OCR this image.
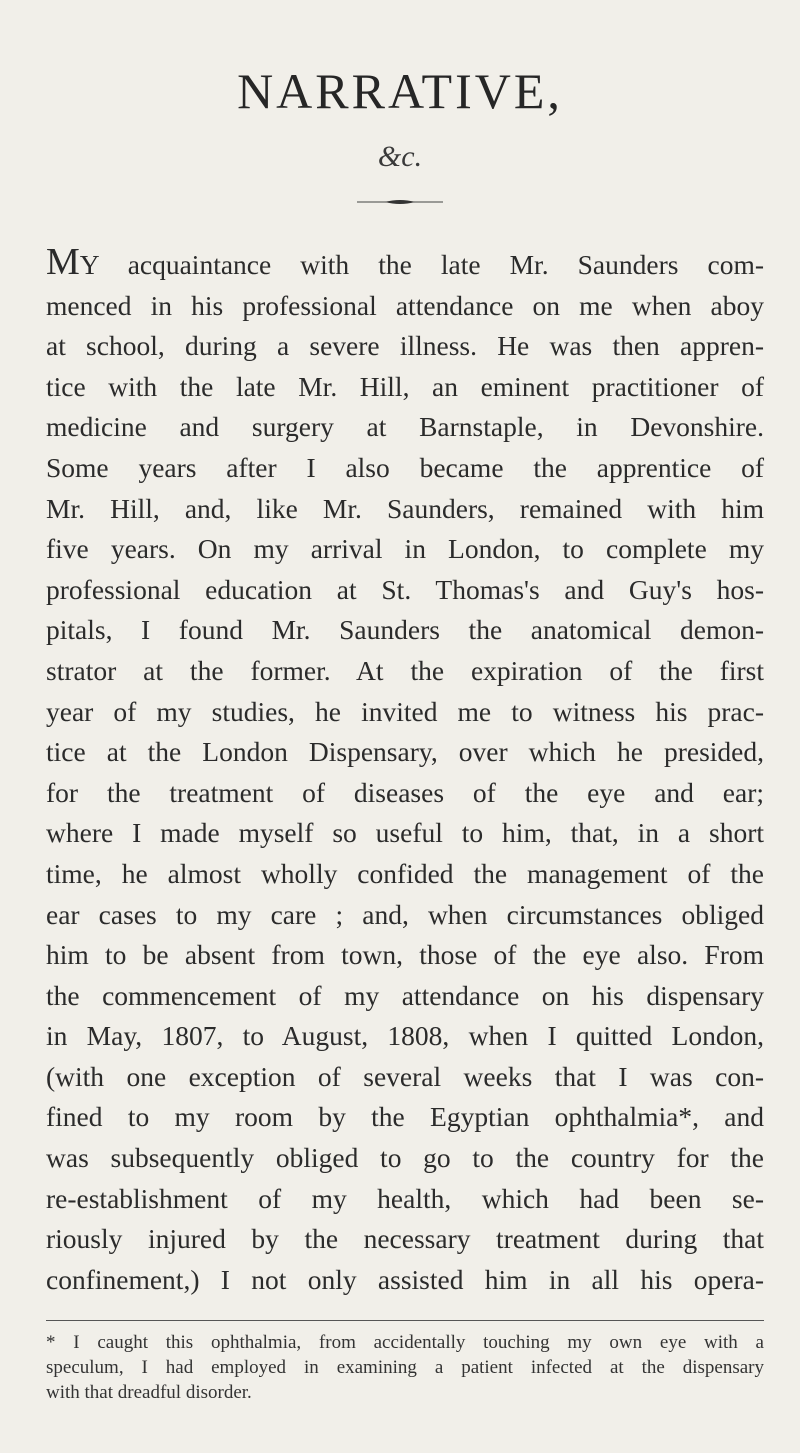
NARRATIVE,
&c.
MY acquaintance with the late Mr. Saunders com-
menced in his professional attendance on me when aboy
at school, during a severe illness. He was then appren-
tice with the late Mr. Hill, an eminent practitioner of
medicine and surgery at Barnstaple, in Devonshire.
Some years after I also became the apprentice of
Mr. Hill, and, like Mr. Saunders, remained with him
five years. On my arrival in London, to complete my
professional education at St. Thomas's and Guy's hos-
pitals, I found Mr. Saunders the anatomical demon-
strator at the former. At the expiration of the first
year of my studies, he invited me to witness his prac-
tice at the London Dispensary, over which he presided,
for the treatment of diseases of the eye and ear;
where I made myself so useful to him, that, in a short
time, he almost wholly confided the management of the
ear cases to my care ; and, when circumstances obliged
him to be absent from town, those of the eye also. From
the commencement of my attendance on his dispensary
in May, 1807, to August, 1808, when I quitted London,
(with one exception of several weeks that I was con-
fined to my room by the Egyptian ophthalmia*, and
was subsequently obliged to go to the country for the
re-establishment of my health, which had been se-
riously injured by the necessary treatment during that
confinement,) I not only assisted him in all his opera-
* I caught this ophthalmia, from accidentally touching my own eye with a
speculum, I had employed in examining a patient infected at the dispensary
with that dreadful disorder.
